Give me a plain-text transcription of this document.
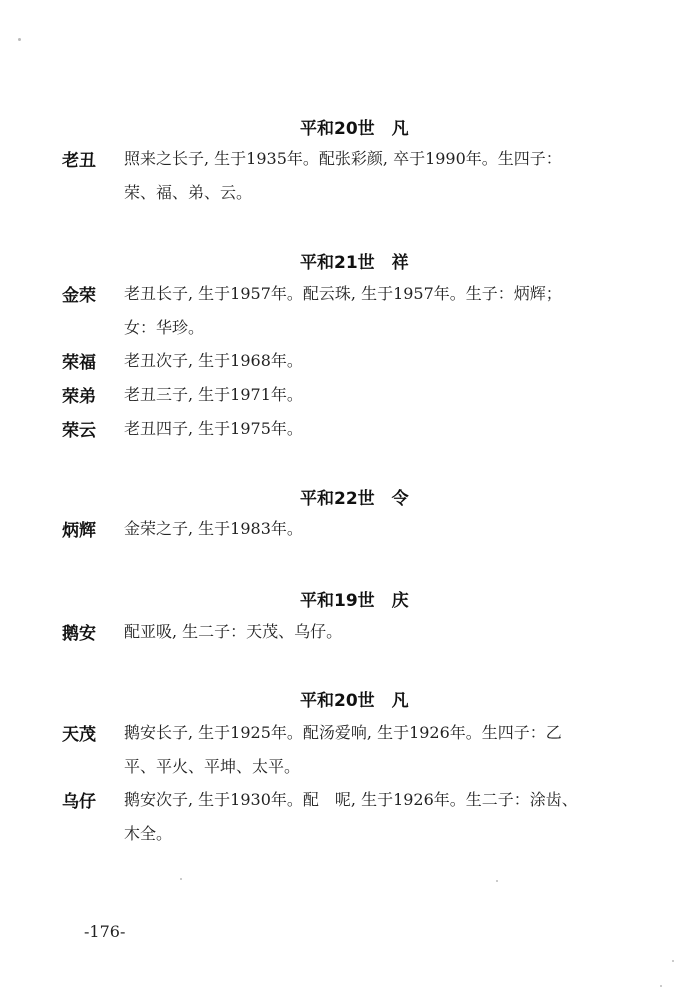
平和20世　凡
老丑 照来之长子, 生于1935年。配张彩颜, 卒于1990年。生四子：
荣、福、弟、云。
平和21世　祥
金荣 老丑长子, 生于1957年。配云珠, 生于1957年。生子：炳辉；
女：华珍。
荣福 老丑次子, 生于1968年。
荣弟 老丑三子, 生于1971年。
荣云 老丑四子, 生于1975年。
平和22世　令
炳辉 金荣之子, 生于1983年。
平和19世　庆
鹅安 配亚吸, 生二子：天茂、乌仔。
平和20世　凡
天茂 鹅安长子, 生于1925年。配汤爱响, 生于1926年。生四子：乙
平、平火、平坤、太平。
乌仔 鹅安次子, 生于1930年。配　呢, 生于1926年。生二子：涂齿、
木全。
-176-
